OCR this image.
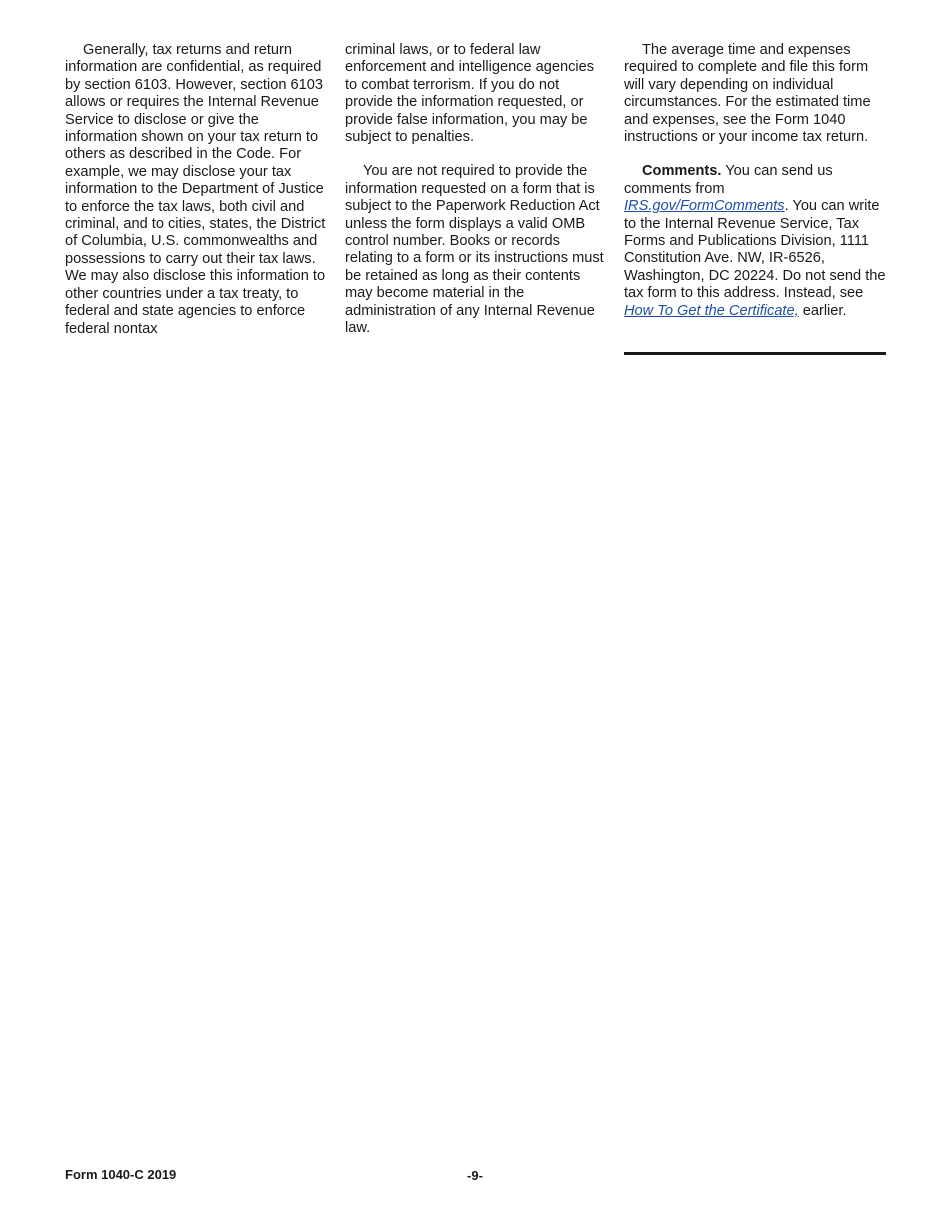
Generally, tax returns and return information are confidential, as required by section 6103. However, section 6103 allows or requires the Internal Revenue Service to disclose or give the information shown on your tax return to others as described in the Code. For example, we may disclose your tax information to the Department of Justice to enforce the tax laws, both civil and criminal, and to cities, states, the District of Columbia, U.S. commonwealths and possessions to carry out their tax laws. We may also disclose this information to other countries under a tax treaty, to federal and state agencies to enforce federal nontax

criminal laws, or to federal law enforcement and intelligence agencies to combat terrorism. If you do not provide the information requested, or provide false information, you may be subject to penalties.

You are not required to provide the information requested on a form that is subject to the Paperwork Reduction Act unless the form displays a valid OMB control number. Books or records relating to a form or its instructions must be retained as long as their contents may become material in the administration of any Internal Revenue law.

The average time and expenses required to complete and file this form will vary depending on individual circumstances. For the estimated time and expenses, see the Form 1040 instructions or your income tax return.

Comments. You can send us comments from IRS.gov/FormComments. You can write to the Internal Revenue Service, Tax Forms and Publications Division, 1111 Constitution Ave. NW, IR-6526, Washington, DC 20224. Do not send the tax form to this address. Instead, see How To Get the Certificate, earlier.

Form 1040-C 2019	-9-
